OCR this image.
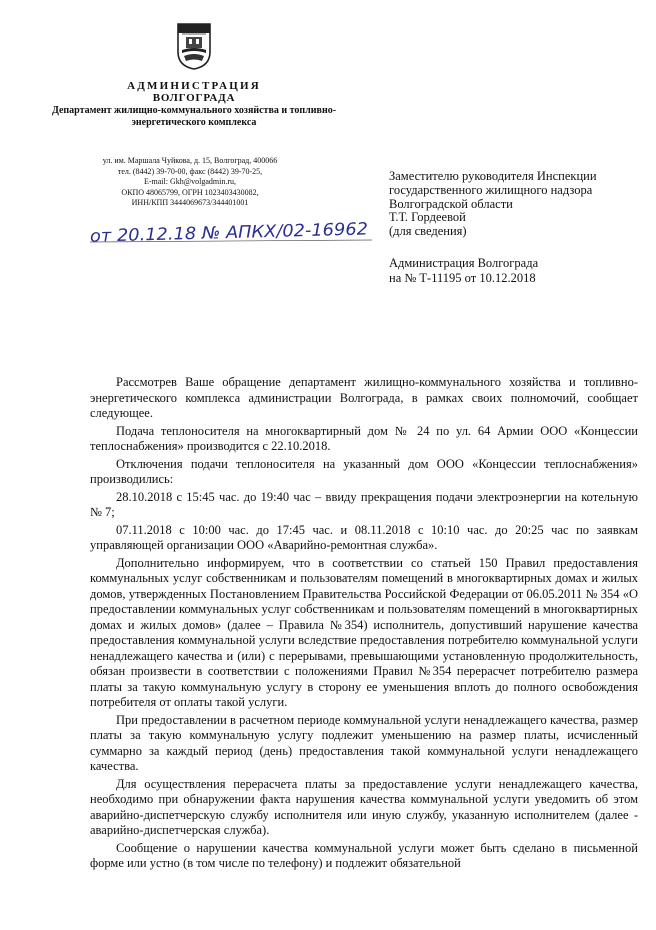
АДМИНИСТРАЦИЯ
ВОЛГОГРАДА
Департамент жилищно-коммунального хозяйства и топливно-энергетического комплекса
ул. им. Маршала Чуйкова, д. 15, Волгоград, 400066
тел. (8442) 39-70-00, факс (8442) 39-70-25,
E-mail: Gkh@volgadmin.ru,
ОКПО 48065799, ОГРН 1023403430082,
ИНН/КПП 3444069673/344401001
от 20.12.18 № АПКХ/02-16962
Заместителю руководителя Инспекции
государственного жилищного надзора
Волгоградской области
Т.Т. Гордеевой
(для сведения)
Администрация Волгограда
на № Т-11195 от 10.12.2018

Рассмотрев Ваше обращение департамент жилищно-коммунального хозяйства и топливно-энергетического комплекса администрации Волгограда, в рамках своих полномочий, сообщает следующее.

Подача теплоносителя на многоквартирный дом № 24 по ул. 64 Армии ООО «Концессии теплоснабжения» производится с 22.10.2018.

Отключения подачи теплоносителя на указанный дом ООО «Концессии теплоснабжения» производились:

28.10.2018 с 15:45 час. до 19:40 час – ввиду прекращения подачи электроэнергии на котельную № 7;

07.11.2018 с 10:00 час. до 17:45 час. и 08.11.2018 с 10:10 час. до 20:25 час по заявкам управляющей организации ООО «Аварийно-ремонтная служба».

Дополнительно информируем, что в соответствии со статьей 150 Правил предоставления коммунальных услуг собственникам и пользователям помещений в многоквартирных домах и жилых домов, утвержденных Постановлением Правительства Российской Федерации от 06.05.2011 № 354 «О предоставлении коммунальных услуг собственникам и пользователям помещений в многоквартирных домах и жилых домов» (далее – Правила №354) исполнитель, допустивший нарушение качества предоставления коммунальной услуги вследствие предоставления потребителю коммунальной услуги ненадлежащего качества и (или) с перерывами, превышающими установленную продолжительность, обязан произвести в соответствии с положениями Правил №354 перерасчет потребителю размера платы за такую коммунальную услугу в сторону ее уменьшения вплоть до полного освобождения потребителя от оплаты такой услуги.

При предоставлении в расчетном периоде коммунальной услуги ненадлежащего качества, размер платы за такую коммунальную услугу подлежит уменьшению на размер платы, исчисленный суммарно за каждый период (день) предоставления такой коммунальной услуги ненадлежащего качества.

Для осуществления перерасчета платы за предоставление услуги ненадлежащего качества, необходимо при обнаружении факта нарушения качества коммунальной услуги уведомить об этом аварийно-диспетчерскую службу исполнителя или иную службу, указанную исполнителем (далее - аварийно-диспетчерская служба).

Сообщение о нарушении качества коммунальной услуги может быть сделано в письменной форме или устно (в том числе по телефону) и подлежит обязательной
